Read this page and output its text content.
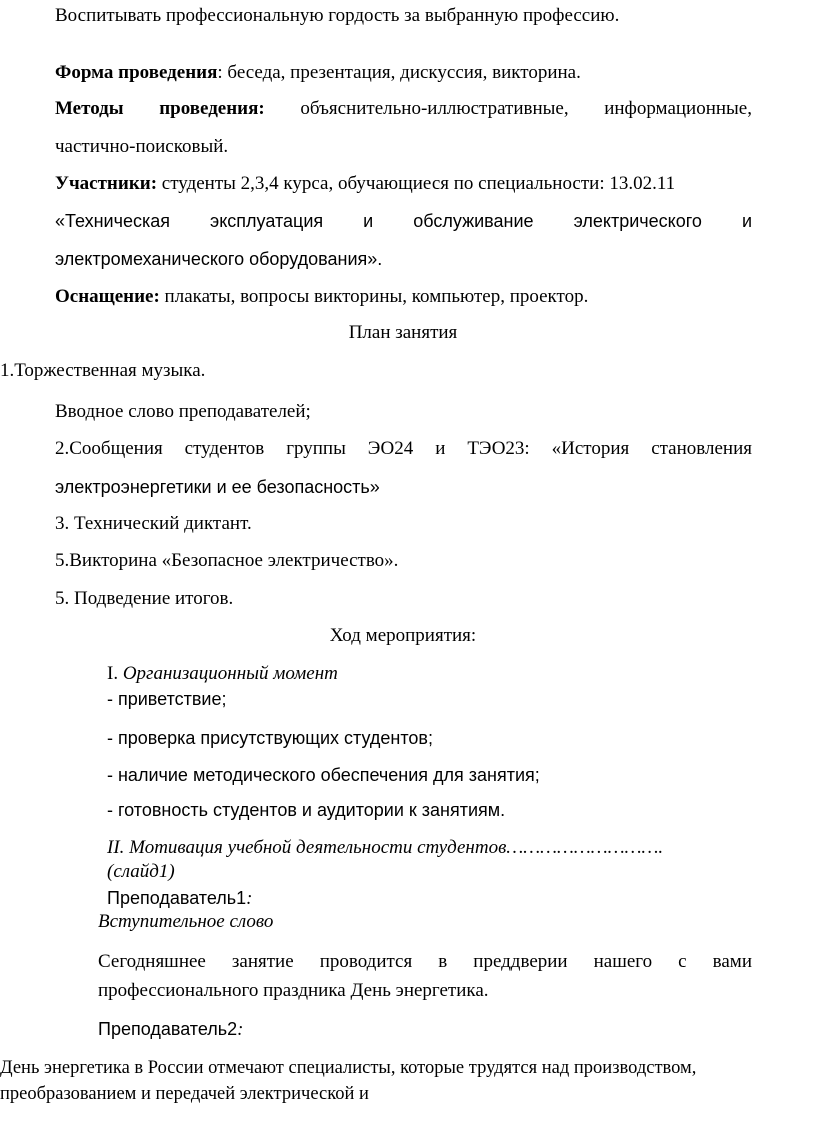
Воспитывать профессиональную гордость за выбранную профессию.
Форма проведения: беседа, презентация, дискуссия, викторина.
Методы проведения: объяснительно-иллюстративные, информационные,
частично-поисковый.
Участники: студенты 2,3,4 курса, обучающиеся по специальности: 13.02.11
«Техническая эксплуатация и обслуживание электрического и
электромеханического оборудования».
Оснащение: плакаты, вопросы викторины, компьютер, проектор.
План занятия
1.Торжественная музыка.
Вводное слово преподавателей;
2.Сообщения студентов группы ЭО24 и ТЭО23: «История становления
электроэнергетики и ее безопасность»
3. Технический диктант.
5.Викторина «Безопасное электричество».
5. Подведение итогов.
Ход мероприятия:
I. Организационный момент
- приветствие;
- проверка присутствующих студентов;
- наличие методического обеспечения для занятия;
- готовность студентов и аудитории к занятиям.
II. Мотивация учебной деятельности студентов……………………….
(слайд1)
Преподаватель1:
Вступительное слово
Сегодняшнее занятие проводится в преддверии нашего с вами
профессионального праздника День энергетика.
Преподаватель2:
День энергетика в России отмечают специалисты, которые трудятся над производством,
преобразованием и передачей электрической и
